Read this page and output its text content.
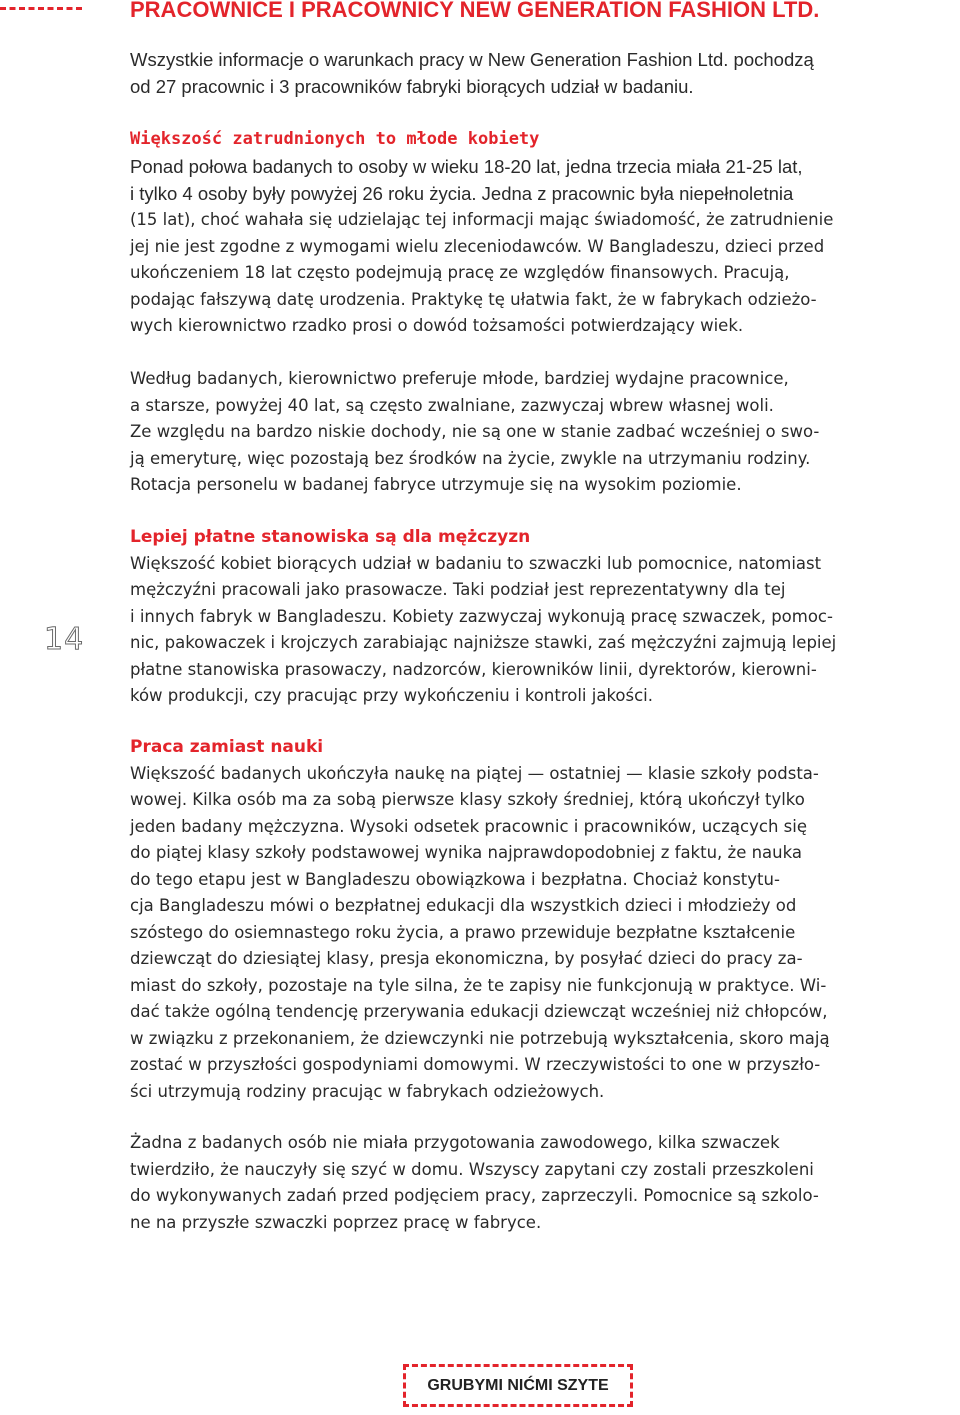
PRACOWNICE I PRACOWNICY NEW GENERATION FASHION LTD.

Wszystkie informacje o warunkach pracy w New Generation Fashion Ltd. pochodzą
od 27 pracownic i 3 pracowników fabryki biorących udział w badaniu.

Większość zatrudnionych to młode kobiety

Ponad połowa badanych to osoby w wieku 18-20 lat, jedna trzecia miała 21-25 lat,
i tylko 4 osoby były powyżej 26 roku życia. Jedna z pracownic była niepełnoletnia

(15 lat), choć wahała się udzielając tej informacji mając świadomość, że zatrudnienie
jej nie jest zgodne z wymogami wielu zleceniodawców. W Bangladeszu, dzieci przed
ukończeniem 18 lat często podejmują pracę ze względów finansowych. Pracują,
podając fałszywą datę urodzenia. Praktykę tę ułatwia fakt, że w fabrykach odzieżo-
wych kierownictwo rzadko prosi o dowód tożsamości potwierdzający wiek.

Według badanych, kierownictwo preferuje młode, bardziej wydajne pracownice,
a starsze, powyżej 40 lat, są często zwalniane, zazwyczaj wbrew własnej woli.
Ze względu na bardzo niskie dochody, nie są one w stanie zadbać wcześniej o swo-
ją emeryturę, więc pozostają bez środków na życie, zwykle na utrzymaniu rodziny.
Rotacja personelu w badanej fabryce utrzymuje się na wysokim poziomie.

Lepiej płatne stanowiska są dla mężczyzn

Większość kobiet biorących udział w badaniu to szwaczki lub pomocnice, natomiast
mężczyźni pracowali jako prasowacze. Taki podział jest reprezentatywny dla tej
i innych fabryk w Bangladeszu. Kobiety zazwyczaj wykonują pracę szwaczek, pomoc-
nic, pakowaczek i krojczych zarabiając najniższe stawki, zaś mężczyźni zajmują lepiej
płatne stanowiska prasowaczy, nadzorców, kierowników linii, dyrektorów, kierowni-
ków produkcji, czy pracując przy wykończeniu i kontroli jakości.

Praca zamiast nauki

Większość badanych ukończyła naukę na piątej — ostatniej — klasie szkoły podsta-
wowej. Kilka osób ma za sobą pierwsze klasy szkoły średniej, którą ukończył tylko
jeden badany mężczyzna. Wysoki odsetek pracownic i pracowników, uczących się
do piątej klasy szkoły podstawowej wynika najprawdopodobniej z faktu, że nauka
do tego etapu jest w Bangladeszu obowiązkowa i bezpłatna. Chociaż konstytu-
cja Bangladeszu mówi o bezpłatnej edukacji dla wszystkich dzieci i młodzieży od
szóstego do osiemnastego roku życia, a prawo przewiduje bezpłatne kształcenie
dziewcząt do dziesiątej klasy, presja ekonomiczna, by posyłać dzieci do pracy za-
miast do szkoły, pozostaje na tyle silna, że te zapisy nie funkcjonują w praktyce. Wi-
dać także ogólną tendencję przerywania edukacji dziewcząt wcześniej niż chłopców,
w związku z przekonaniem, że dziewczynki nie potrzebują wykształcenia, skoro mają
zostać w przyszłości gospodyniami domowymi. W rzeczywistości to one w przyszło-
ści utrzymują rodziny pracując w fabrykach odzieżowych.

Żadna z badanych osób nie miała przygotowania zawodowego, kilka szwaczek
twierdziło, że nauczyły się szyć w domu. Wszyscy zapytani czy zostali przeszkoleni
do wykonywanych zadań przed podjęciem pracy, zaprzeczyli. Pomocnice są szkolo-
ne na przyszłe szwaczki poprzez pracę w fabryce.

14
GRUBYMI NIĆMI SZYTE
